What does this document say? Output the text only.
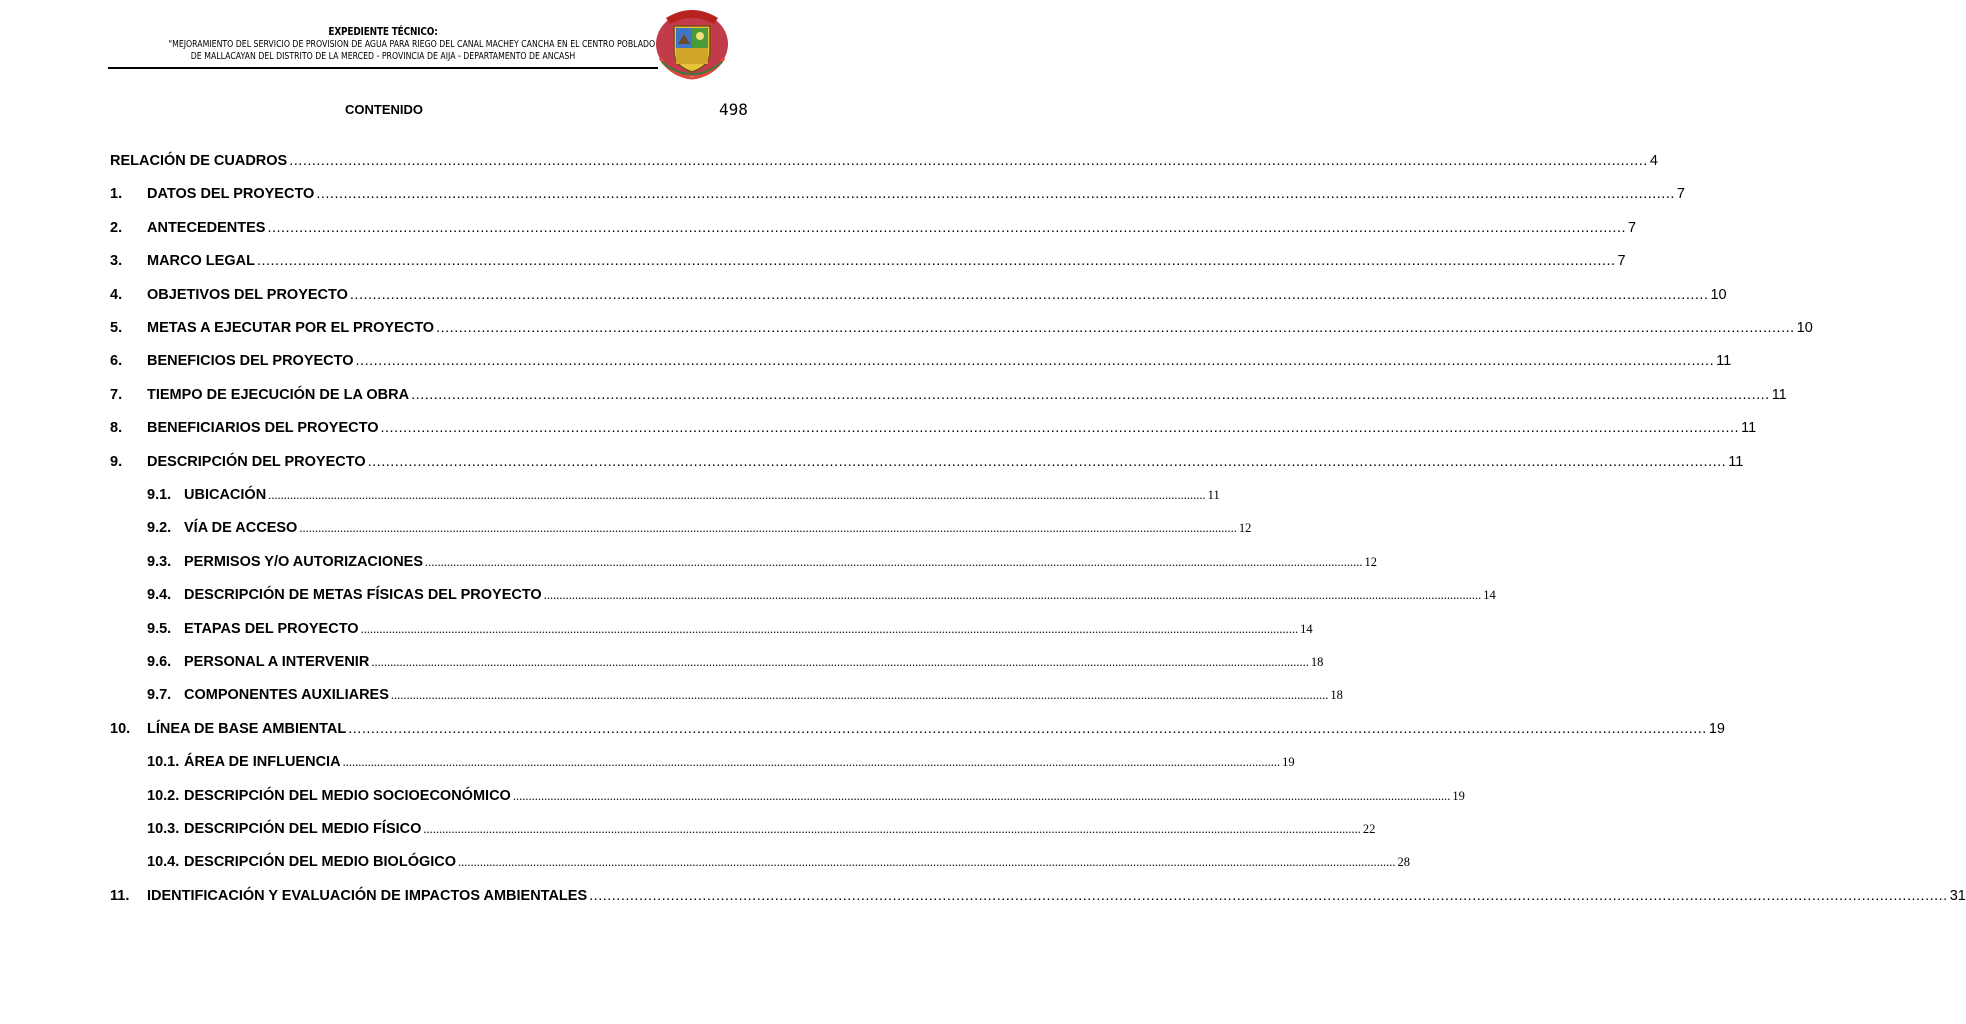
EXPEDIENTE TÉCNICO:
"MEJORAMIENTO DEL SERVICIO DE PROVISION DE AGUA PARA RIEGO DEL CANAL MACHEY CANCHA EN EL CENTRO POBLADO
DE MALLACAYAN DEL DISTRITO DE LA MERCED - PROVINCIA DE AIJA - DEPARTAMENTO DE ANCASH
498
CONTENIDO
RELACIÓN DE CUADROS ............................................................................................................................................................................................................................................................................................................ 4
1.	DATOS DEL PROYECTO ............................................................................................................................................................................................................................................................................................................ 7
2.	ANTECEDENTES ............................................................................................................................................................................................................................................................................................................ 7
3.	MARCO LEGAL ............................................................................................................................................................................................................................................................................................................ 7
4.	OBJETIVOS DEL PROYECTO ............................................................................................................................................................................................................................................................................................................ 10
5.	METAS A EJECUTAR POR EL PROYECTO ............................................................................................................................................................................................................................................................................................................ 10
6.	BENEFICIOS DEL PROYECTO ............................................................................................................................................................................................................................................................................................................ 11
7.	TIEMPO DE EJECUCIÓN DE LA OBRA ............................................................................................................................................................................................................................................................................................................ 11
8.	BENEFICIARIOS DEL PROYECTO ............................................................................................................................................................................................................................................................................................................ 11
9.	DESCRIPCIÓN DEL PROYECTO ............................................................................................................................................................................................................................................................................................................ 11
9.1. UBICACIÓN ............................................................................................................................................................................................................................................................................................................ 11
9.2. VÍA DE ACCESO ............................................................................................................................................................................................................................................................................................................ 12
9.3. PERMISOS Y/O AUTORIZACIONES ............................................................................................................................................................................................................................................................................................................ 12
9.4. DESCRIPCIÓN DE METAS FÍSICAS DEL PROYECTO ............................................................................................................................................................................................................................................................................................................ 14
9.5. ETAPAS DEL PROYECTO ............................................................................................................................................................................................................................................................................................................ 14
9.6. PERSONAL A INTERVENIR ............................................................................................................................................................................................................................................................................................................ 18
9.7. COMPONENTES AUXILIARES ............................................................................................................................................................................................................................................................................................................ 18
10.	LÍNEA DE BASE AMBIENTAL ............................................................................................................................................................................................................................................................................................................ 19
10.1. ÁREA DE INFLUENCIA ............................................................................................................................................................................................................................................................................................................ 19
10.2. DESCRIPCIÓN DEL MEDIO SOCIOECONÓMICO ............................................................................................................................................................................................................................................................................................................ 19
10.3. DESCRIPCIÓN DEL MEDIO FÍSICO ............................................................................................................................................................................................................................................................................................................ 22
10.4. DESCRIPCIÓN DEL MEDIO BIOLÓGICO ............................................................................................................................................................................................................................................................................................................ 28
11.	IDENTIFICACIÓN Y EVALUACIÓN DE IMPACTOS AMBIENTALES ............................................................................................................................................................................................................................................................................................................ 31
